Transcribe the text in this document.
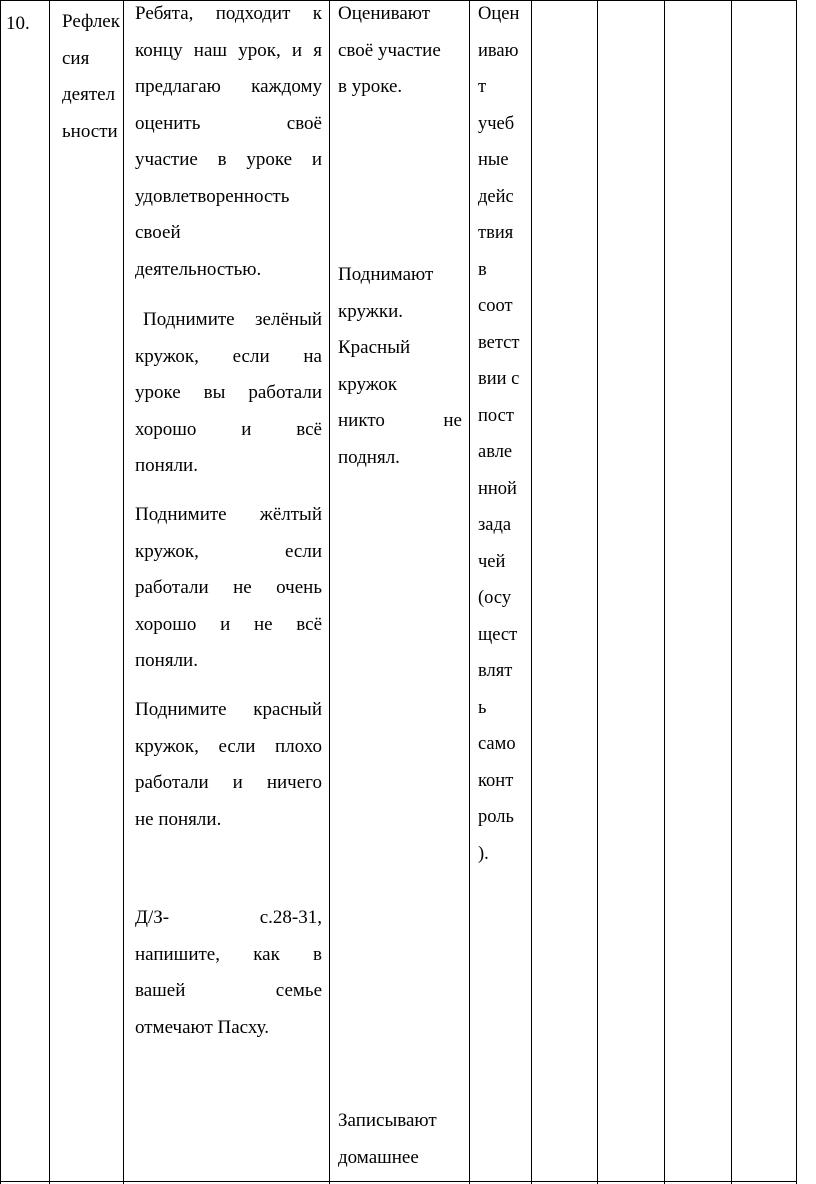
10. Рефлек

сия

деятел

ьности

Ребята, подходит к

концу наш урок, и я

предлагаю каждому

оценить своё

участие в уроке и

удовлетворенность

своей

деятельностью.

Поднимите зелёный

кружок, если на

уроке вы работали

хорошо и всё

поняли.

Поднимите жёлтый

кружок, если

работали не очень

хорошо и не всё

поняли.

Поднимите красный

кружок, если плохо

работали и ничего

не поняли.

Д/З- с.28-31,

напишите, как в

вашей семье

отмечают Пасху.

Оценивают

своё участие

в уроке.

Поднимают

кружки.

Красный

кружок

никто не

поднял.

Записывают

домашнее

Оцен

иваю

т

учеб

ные

дейс

твия

в

соот

ветст

вии с

пост

авле

нной

зада

чей

(осу

щест

влят

ь

само

конт

роль

).
